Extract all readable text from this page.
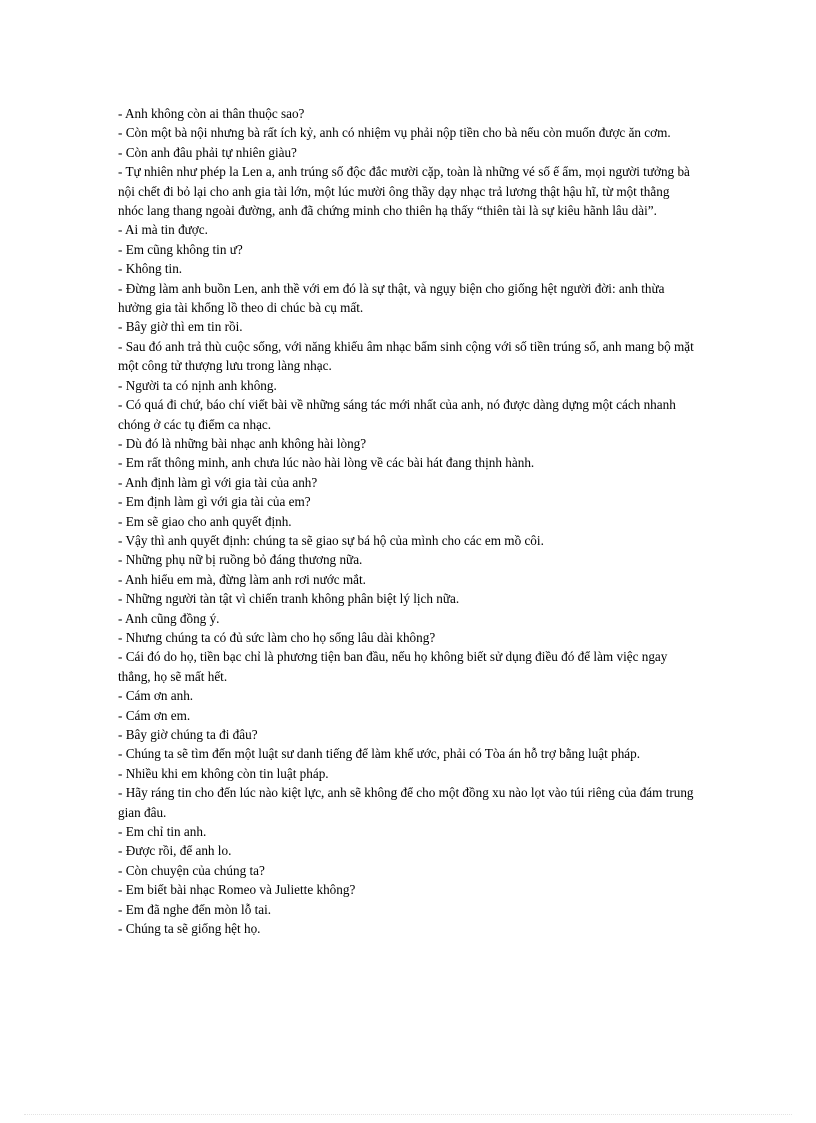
- Anh không còn ai thân thuộc sao?

- Còn một bà nội nhưng bà rất ích kỷ, anh có nhiệm vụ phải nộp tiền cho bà nếu còn muốn được ăn cơm.

- Còn anh đâu phải tự nhiên giàu?

- Tự nhiên như phép la Len a, anh trúng số độc đắc mười cặp, toàn là những vé số ế ẩm, mọi người tưởng bà nội chết đi bỏ lại cho anh gia tài lớn, một lúc mười ông thầy dạy nhạc trả lương thật hậu hĩ, từ một thằng nhóc lang thang ngoài đường, anh đã chứng minh cho thiên hạ thấy “thiên tài là sự kiêu hãnh lâu dài”.

- Ai mà tin được.

- Em cũng không tin ư?

- Không tin.

- Đừng làm anh buồn Len, anh thề với em đó là sự thật, và ngụy biện cho giống hệt người đời: anh thừa hưởng gia tài khổng lồ theo di chúc bà cụ mất.

- Bây giờ thì em tin rồi.

- Sau đó anh trả thù cuộc sống, với năng khiếu âm nhạc bẩm sinh cộng với số tiền trúng số, anh mang bộ mặt một công tử thượng lưu trong làng nhạc.

- Người ta có nịnh anh không.

- Có quá đi chứ, báo chí viết bài về những sáng tác mới nhất của anh, nó được dàng dựng một cách nhanh chóng ở các tụ điểm ca nhạc.

- Dù đó là những bài nhạc anh không hài lòng?

- Em rất thông minh, anh chưa lúc nào hài lòng về các bài hát đang thịnh hành.

- Anh định làm gì với gia tài của anh?

- Em định làm gì với gia tài của em?

- Em sẽ giao cho anh quyết định.

- Vậy thì anh quyết định: chúng ta sẽ giao sự bá hộ của mình cho các em mồ côi.

- Những phụ nữ bị ruồng bỏ đáng thương nữa.

- Anh hiểu em mà, đừng làm anh rơi nước mắt.

- Những người tàn tật vì chiến tranh không phân biệt lý lịch nữa.

- Anh cũng đồng ý.

- Nhưng chúng ta có đủ sức làm cho họ sống lâu dài không?

- Cái đó do họ, tiền bạc chỉ là phương tiện ban đầu, nếu họ không biết sử dụng điều đó để làm việc ngay thẳng, họ sẽ mất hết.

- Cám ơn anh.

- Cám ơn em.

- Bây giờ chúng ta đi đâu?

- Chúng ta sẽ tìm đến một luật sư danh tiếng để làm khế ước, phải có Tòa án hỗ trợ bằng luật pháp.

- Nhiều khi em không còn tin luật pháp.

- Hãy ráng tin cho đến lúc nào kiệt lực, anh sẽ không để cho một đồng xu nào lọt vào túi riêng của đám trung gian đâu.

- Em chỉ tin anh.

- Được rồi, để anh lo.

- Còn chuyện của chúng ta?

- Em biết bài nhạc Romeo và Juliette không?

- Em đã nghe đến mòn lỗ tai.

- Chúng ta sẽ giống hệt họ.
